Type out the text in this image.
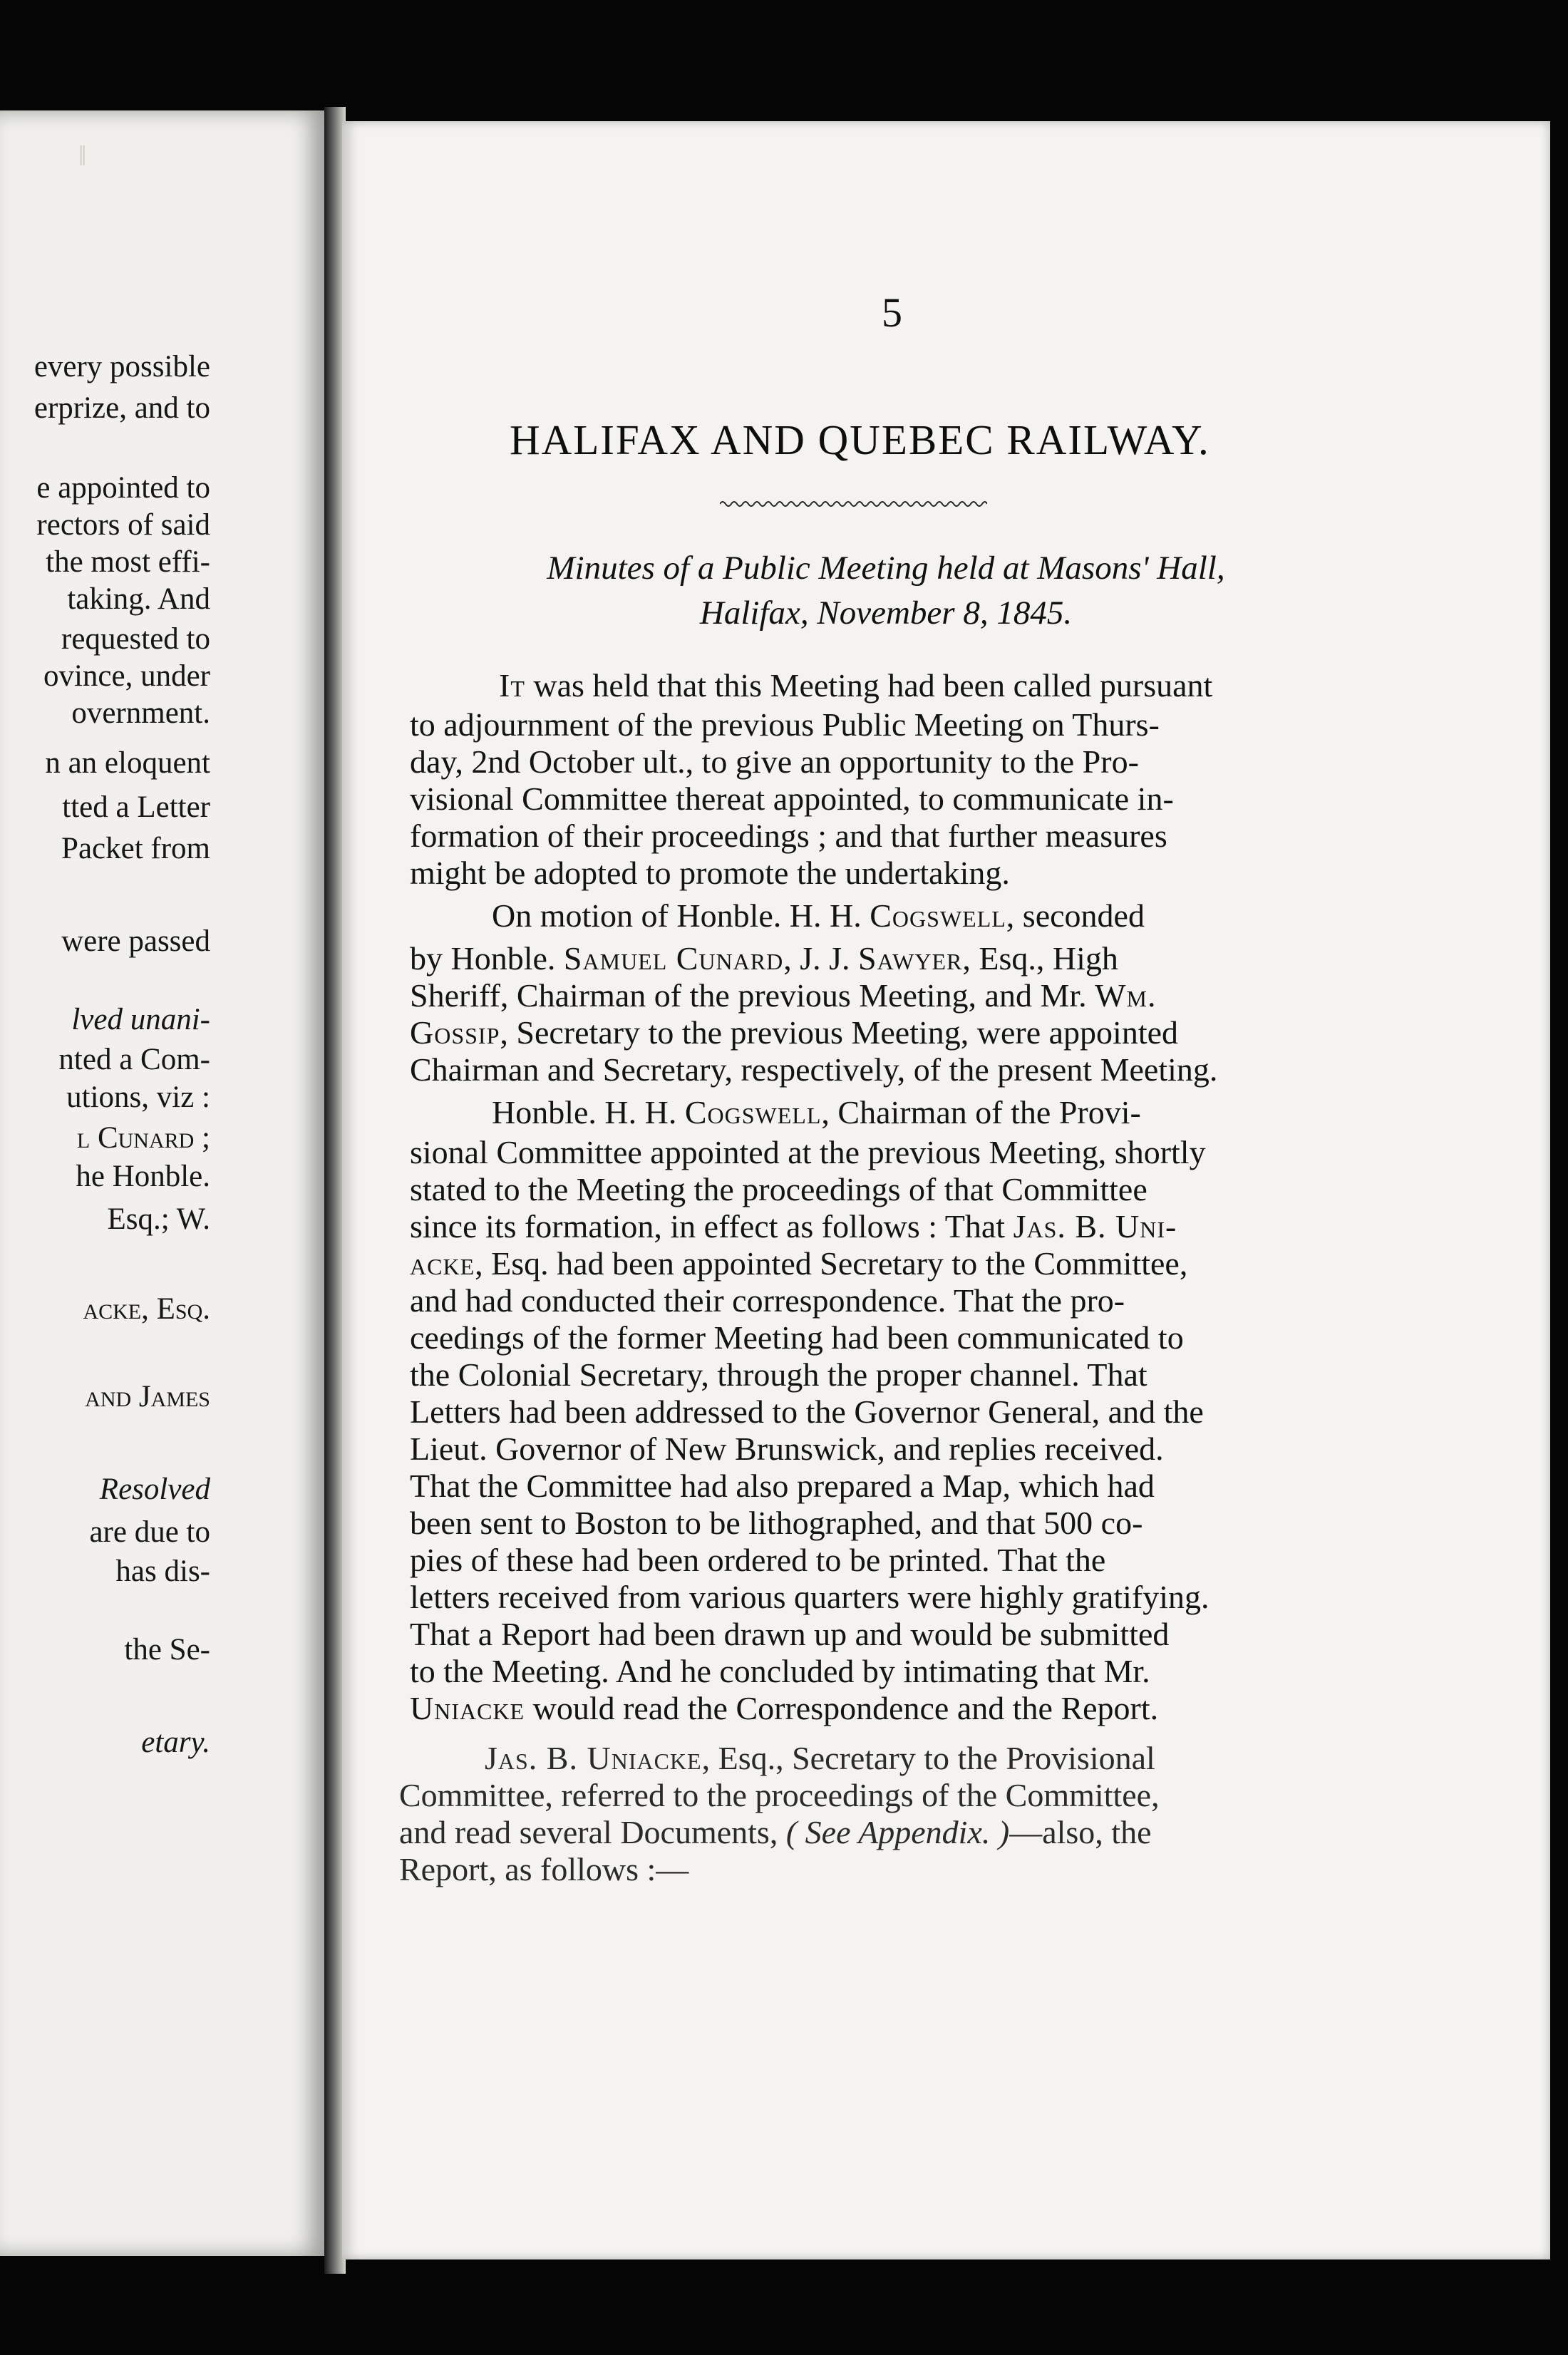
‖
every possible
erprize, and to
e appointed to
rectors of said
the most effi-
taking. And
requested to
ovince, under
overnment.
n an eloquent
tted a Letter
Packet from
were passed
lved unani-
nted a Com-
utions, viz :
l Cunard ;
he Honble.
Esq.; W.
acke, Esq.
and James
Resolved
are due to
has dis-
the Se-
etary.
5
HALIFAX AND QUEBEC RAILWAY.
Minutes of a Public Meeting held at Masons' Hall,
Halifax, November 8, 1845.
It was held that this Meeting had been called pursuant
to adjournment of the previous Public Meeting on Thurs-
day, 2nd October ult., to give an opportunity to the Pro-
visional Committee thereat appointed, to communicate in-
formation of their proceedings ; and that further measures
might be adopted to promote the undertaking.
On motion of Honble. H. H. Cogswell, seconded
by Honble. Samuel Cunard, J. J. Sawyer, Esq., High
Sheriff, Chairman of the previous Meeting, and Mr. Wm.
Gossip, Secretary to the previous Meeting, were appointed
Chairman and Secretary, respectively, of the present Meeting.
Honble. H. H. Cogswell, Chairman of the Provi-
sional Committee appointed at the previous Meeting, shortly
stated to the Meeting the proceedings of that Committee
since its formation, in effect as follows : That Jas. B. Uni-
acke, Esq. had been appointed Secretary to the Committee,
and had conducted their correspondence. That the pro-
ceedings of the former Meeting had been communicated to
the Colonial Secretary, through the proper channel. That
Letters had been addressed to the Governor General, and the
Lieut. Governor of New Brunswick, and replies received.
That the Committee had also prepared a Map, which had
been sent to Boston to be lithographed, and that 500 co-
pies of these had been ordered to be printed. That the
letters received from various quarters were highly gratifying.
That a Report had been drawn up and would be submitted
to the Meeting. And he concluded by intimating that Mr.
Uniacke would read the Correspondence and the Report.
Jas. B. Uniacke, Esq., Secretary to the Provisional
Committee, referred to the proceedings of the Committee,
and read several Documents, ( See Appendix. )—also, the
Report, as follows :—
